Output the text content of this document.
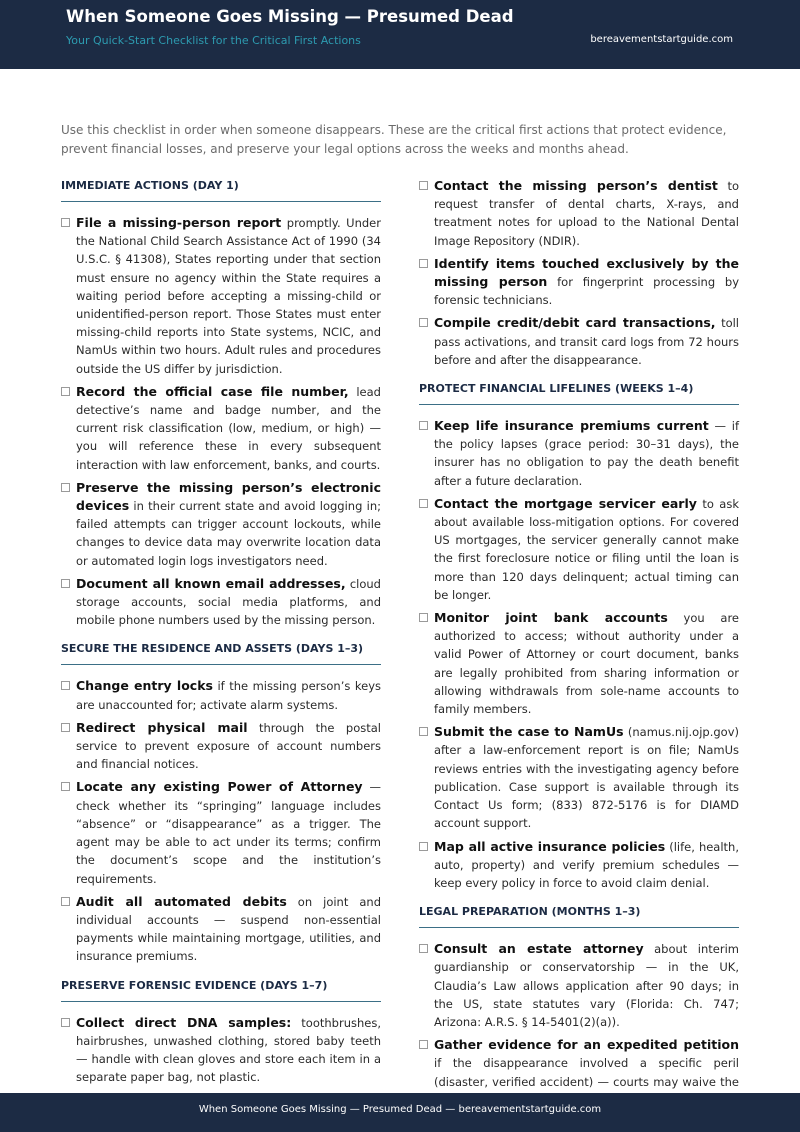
When Someone Goes Missing — Presumed Dead
Your Quick-Start Checklist for the Critical First Actions	bereavementstartguide.com
Use this checklist in order when someone disappears. These are the critical first actions that protect evidence, prevent financial losses, and preserve your legal options across the weeks and months ahead.
IMMEDIATE ACTIONS (DAY 1)
File a missing-person report promptly. Under the National Child Search Assistance Act of 1990 (34 U.S.C. § 41308), States reporting under that section must ensure no agency within the State requires a waiting period before accepting a missing-child or unidentified-person report. Those States must enter missing-child reports into State systems, NCIC, and NamUs within two hours. Adult rules and procedures outside the US differ by jurisdiction.
Record the official case file number, lead detective’s name and badge number, and the current risk classification (low, medium, or high) — you will reference these in every subsequent interaction with law enforcement, banks, and courts.
Preserve the missing person’s electronic devices in their current state and avoid logging in; failed attempts can trigger account lockouts, while changes to device data may overwrite location data or automated login logs investigators need.
Document all known email addresses, cloud storage accounts, social media platforms, and mobile phone numbers used by the missing person.
SECURE THE RESIDENCE AND ASSETS (DAYS 1–3)
Change entry locks if the missing person’s keys are unaccounted for; activate alarm systems.
Redirect physical mail through the postal service to prevent exposure of account numbers and financial notices.
Locate any existing Power of Attorney — check whether its “springing” language includes “absence” or “disappearance” as a trigger. The agent may be able to act under its terms; confirm the document’s scope and the institution’s requirements.
Audit all automated debits on joint and individual accounts — suspend non-essential payments while maintaining mortgage, utilities, and insurance premiums.
PRESERVE FORENSIC EVIDENCE (DAYS 1–7)
Collect direct DNA samples: toothbrushes, hairbrushes, unwashed clothing, stored baby teeth — handle with clean gloves and store each item in a separate paper bag, not plastic.
Contact the missing person’s dentist to request transfer of dental charts, X-rays, and treatment notes for upload to the National Dental Image Repository (NDIR).
Identify items touched exclusively by the missing person for fingerprint processing by forensic technicians.
Compile credit/debit card transactions, toll pass activations, and transit card logs from 72 hours before and after the disappearance.
PROTECT FINANCIAL LIFELINES (WEEKS 1–4)
Keep life insurance premiums current — if the policy lapses (grace period: 30–31 days), the insurer has no obligation to pay the death benefit after a future declaration.
Contact the mortgage servicer early to ask about available loss-mitigation options. For covered US mortgages, the servicer generally cannot make the first foreclosure notice or filing until the loan is more than 120 days delinquent; actual timing can be longer.
Monitor joint bank accounts you are authorized to access; without authority under a valid Power of Attorney or court document, banks are legally prohibited from sharing information or allowing withdrawals from sole-name accounts to family members.
Submit the case to NamUs (namus.nij.ojp.gov) after a law-enforcement report is on file; NamUs reviews entries with the investigating agency before publication. Case support is available through its Contact Us form; (833) 872-5176 is for DIAMD account support.
Map all active insurance policies (life, health, auto, property) and verify premium schedules — keep every policy in force to avoid claim denial.
LEGAL PREPARATION (MONTHS 1–3)
Consult an estate attorney about interim guardianship or conservatorship — in the UK, Claudia’s Law allows application after 90 days; in the US, state statutes vary (Florida: Ch. 747; Arizona: A.R.S. § 14-5401(2)(a)).
Gather evidence for an expedited petition if the disappearance involved a specific peril (disaster, verified accident) — courts may waive the
When Someone Goes Missing — Presumed Dead — bereavementstartguide.com
